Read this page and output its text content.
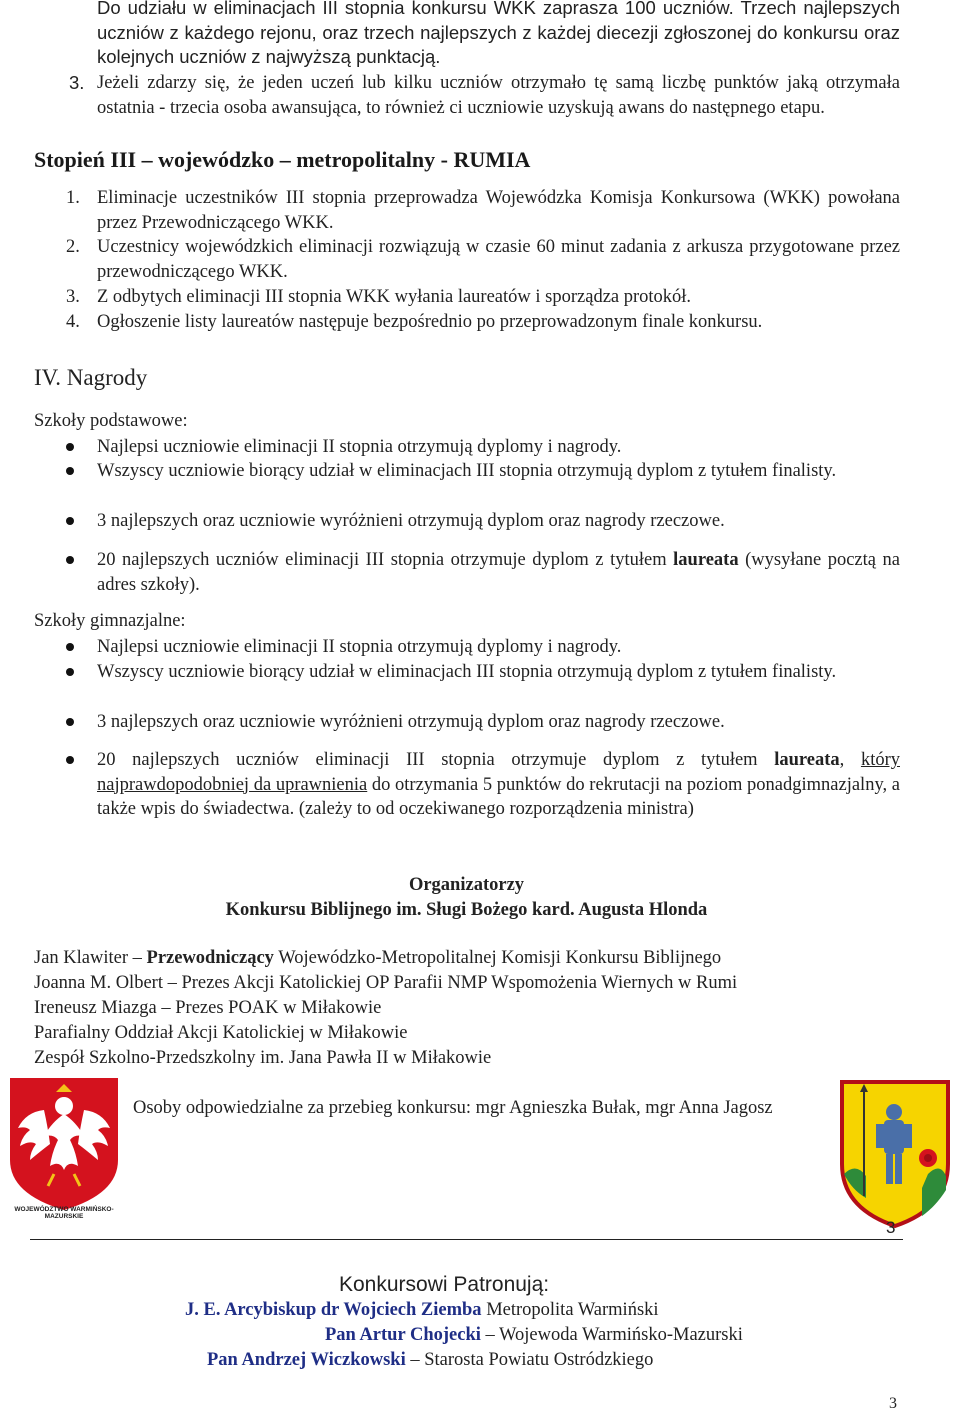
Do udziału w eliminacjach III stopnia konkursu WKK zaprasza 100 uczniów. Trzech najlepszych uczniów z każdego rejonu, oraz trzech najlepszych z każdej diecezji zgłoszonej do konkursu oraz kolejnych uczniów z najwyższą punktacją.
3. Jeżeli zdarzy się, że jeden uczeń lub kilku uczniów otrzymało tę samą liczbę punktów jaką otrzymała ostatnia - trzecia osoba awansująca, to również ci uczniowie uzyskują awans do następnego etapu.
Stopień III – wojewódzko – metropolitalny - RUMIA
1. Eliminacje uczestników III stopnia przeprowadza Wojewódzka Komisja Konkursowa (WKK) powołana przez Przewodniczącego WKK.
2. Uczestnicy wojewódzkich eliminacji rozwiązują w czasie 60 minut zadania z arkusza przygotowane przez przewodniczącego WKK.
3. Z odbytych eliminacji III stopnia WKK wyłania laureatów i sporządza protokół.
4. Ogłoszenie listy laureatów następuje bezpośrednio po przeprowadzonym finale konkursu.
IV. Nagrody
Szkoły podstawowe:
Najlepsi uczniowie eliminacji II stopnia otrzymują dyplomy i nagrody.
Wszyscy uczniowie biorący udział w eliminacjach III stopnia otrzymują dyplom z tytułem finalisty.
3 najlepszych oraz uczniowie wyróżnieni otrzymują dyplom oraz nagrody rzeczowe.
20 najlepszych uczniów eliminacji III stopnia otrzymuje dyplom z tytułem laureata (wysyłane pocztą na adres szkoły).
Szkoły gimnazjalne:
Najlepsi uczniowie eliminacji II stopnia otrzymują dyplomy i nagrody.
Wszyscy uczniowie biorący udział w eliminacjach III stopnia otrzymują dyplom z tytułem finalisty.
3 najlepszych oraz uczniowie wyróżnieni otrzymują dyplom oraz nagrody rzeczowe.
20 najlepszych uczniów eliminacji III stopnia otrzymuje dyplom z tytułem laureata, który najprawdopodobniej da uprawnienia do otrzymania 5 punktów do rekrutacji na poziom ponadgimnazjalny, a także wpis do świadectwa. (zależy to od oczekiwanego rozporządzenia ministra)
Organizatorzy
Konkursu Biblijnego im. Sługi Bożego kard. Augusta Hlonda
Jan Klawiter – Przewodniczący Wojewódzko-Metropolitalnej Komisji Konkursu Biblijnego
Joanna M. Olbert – Prezes Akcji Katolickiej OP Parafii NMP Wspomożenia Wiernych w Rumi
Ireneusz Miazga – Prezes POAK w Miłakowie
Parafialny Oddział Akcji Katolickiej w Miłakowie
Zespół Szkolno-Przedszkolny im. Jana Pawła II w Miłakowie
WOJEWÓDZTWO WARMIŃSKO-MAZURSKIE
Osoby odpowiedzialne za przebieg konkursu: mgr Agnieszka Bułak, mgr Anna Jagosz
3
Konkursowi Patronują:
J. E. Arcybiskup dr Wojciech Ziemba Metropolita Warmiński
Pan Artur Chojecki – Wojewoda Warmińsko-Mazurski
Pan Andrzej Wiczkowski – Starosta Powiatu Ostródzkiego
3
